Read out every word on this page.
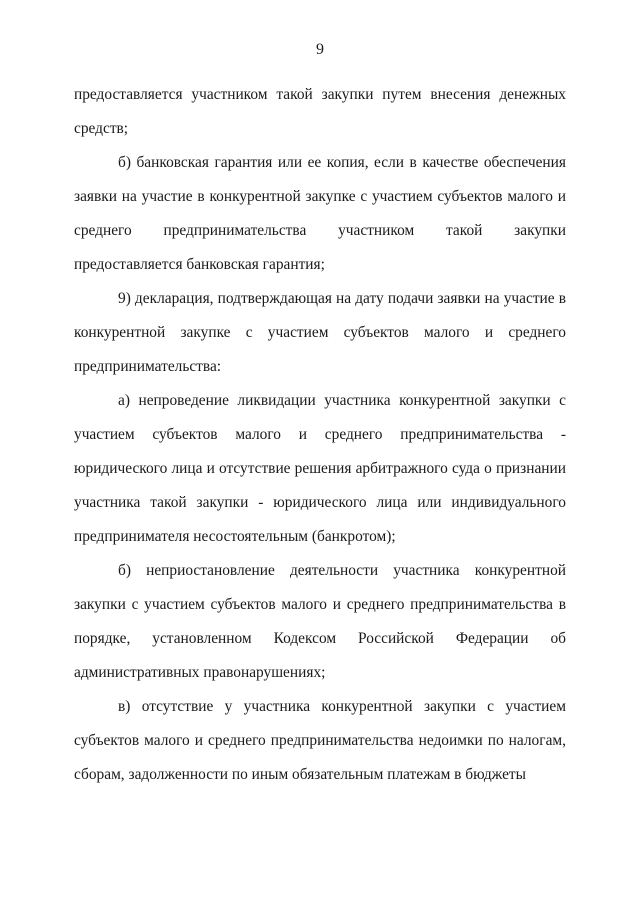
9

предоставляется участником такой закупки путем внесения денежных средств;

б) банковская гарантия или ее копия, если в качестве обеспечения заявки на участие в конкурентной закупке с участием субъектов малого и среднего предпринимательства участником такой закупки предоставляется банковская гарантия;

9) декларация, подтверждающая на дату подачи заявки на участие в конкурентной закупке с участием субъектов малого и среднего предпринимательства:

а) непроведение ликвидации участника конкурентной закупки с участием субъектов малого и среднего предпринимательства - юридического лица и отсутствие решения арбитражного суда о признании участника такой закупки - юридического лица или индивидуального предпринимателя несостоятельным (банкротом);

б) неприостановление деятельности участника конкурентной закупки с участием субъектов малого и среднего предпринимательства в порядке, установленном Кодексом Российской Федерации об административных правонарушениях;

в) отсутствие у участника конкурентной закупки с участием субъектов малого и среднего предпринимательства недоимки по налогам, сборам, задолженности по иным обязательным платежам в бюджеты
